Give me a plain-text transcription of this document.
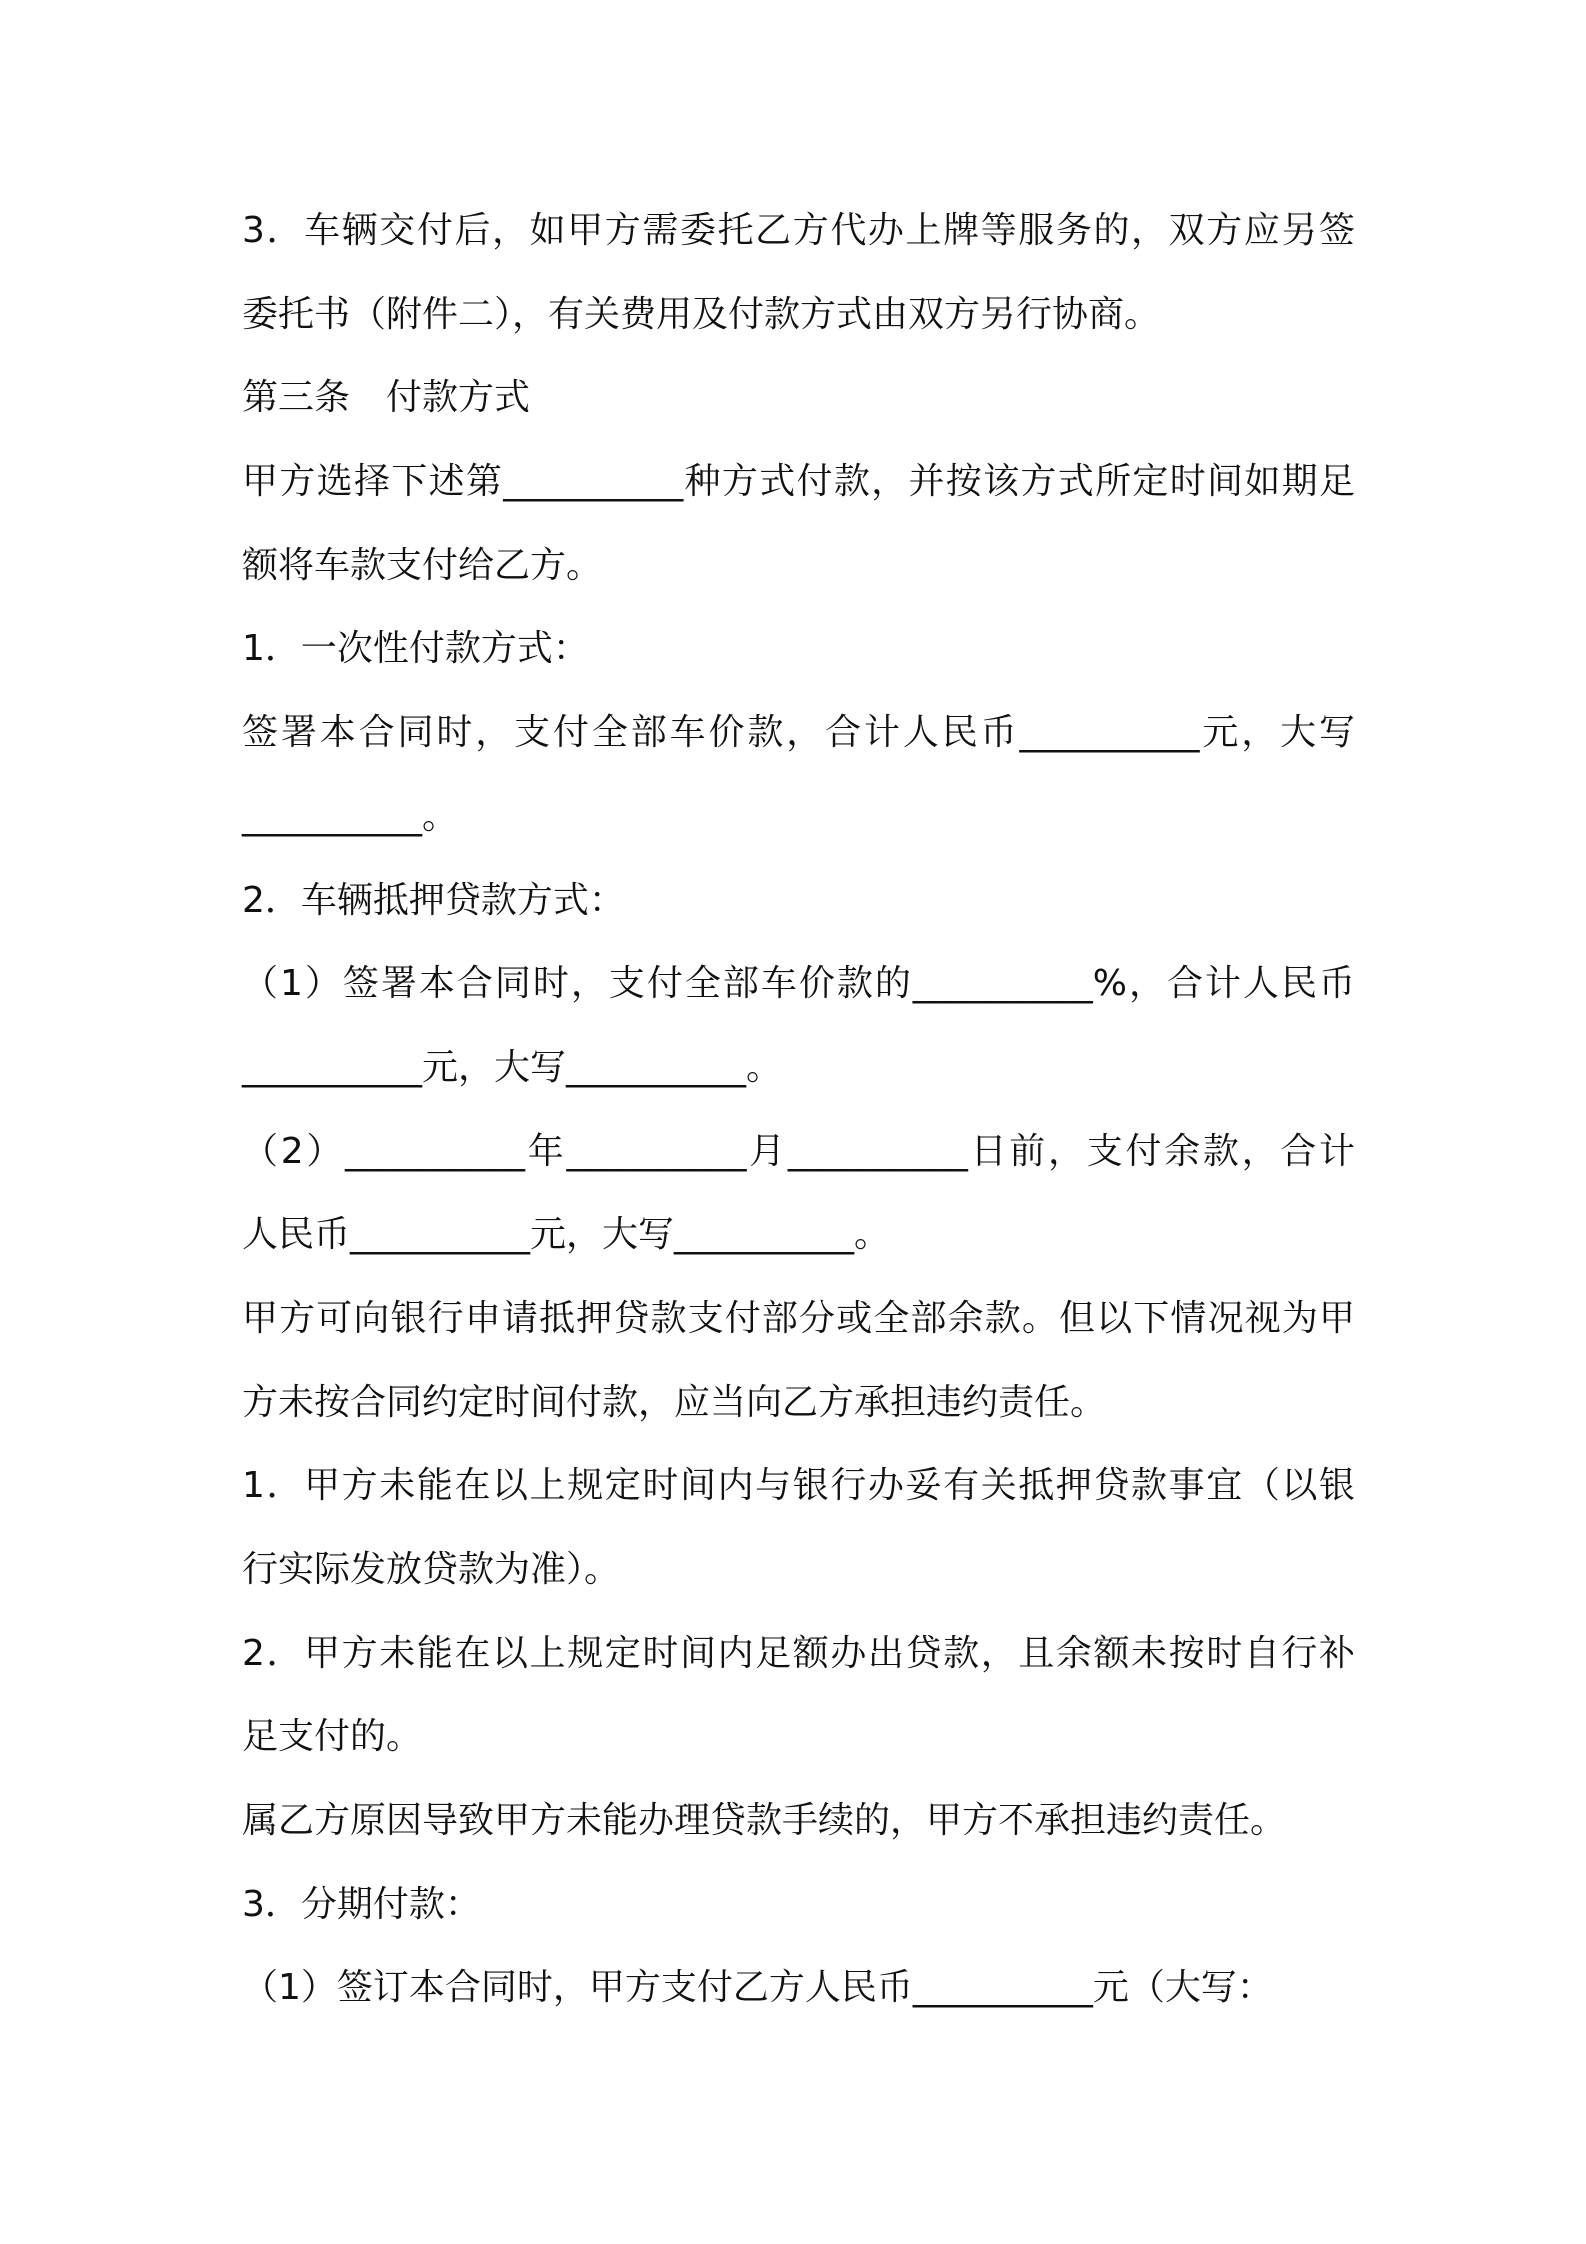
3．车辆交付后，如甲方需委托乙方代办上牌等服务的，双方应另签
委托书（附件二），有关费用及付款方式由双方另行协商。
第三条　付款方式
甲方选择下述第__________种方式付款，并按该方式所定时间如期足
额将车款支付给乙方。
1．一次性付款方式：
签署本合同时，支付全部车价款，合计人民币__________元，大写
__________。
2．车辆抵押贷款方式：
（1）签署本合同时，支付全部车价款的__________%，合计人民币
__________元，大写__________。
（2）__________年__________月__________日前，支付余款，合计
人民币__________元，大写__________。
甲方可向银行申请抵押贷款支付部分或全部余款。但以下情况视为甲
方未按合同约定时间付款，应当向乙方承担违约责任。
1．甲方未能在以上规定时间内与银行办妥有关抵押贷款事宜（以银
行实际发放贷款为准）。
2．甲方未能在以上规定时间内足额办出贷款，且余额未按时自行补
足支付的。
属乙方原因导致甲方未能办理贷款手续的，甲方不承担违约责任。
3．分期付款：
（1）签订本合同时，甲方支付乙方人民币__________元（大写：
